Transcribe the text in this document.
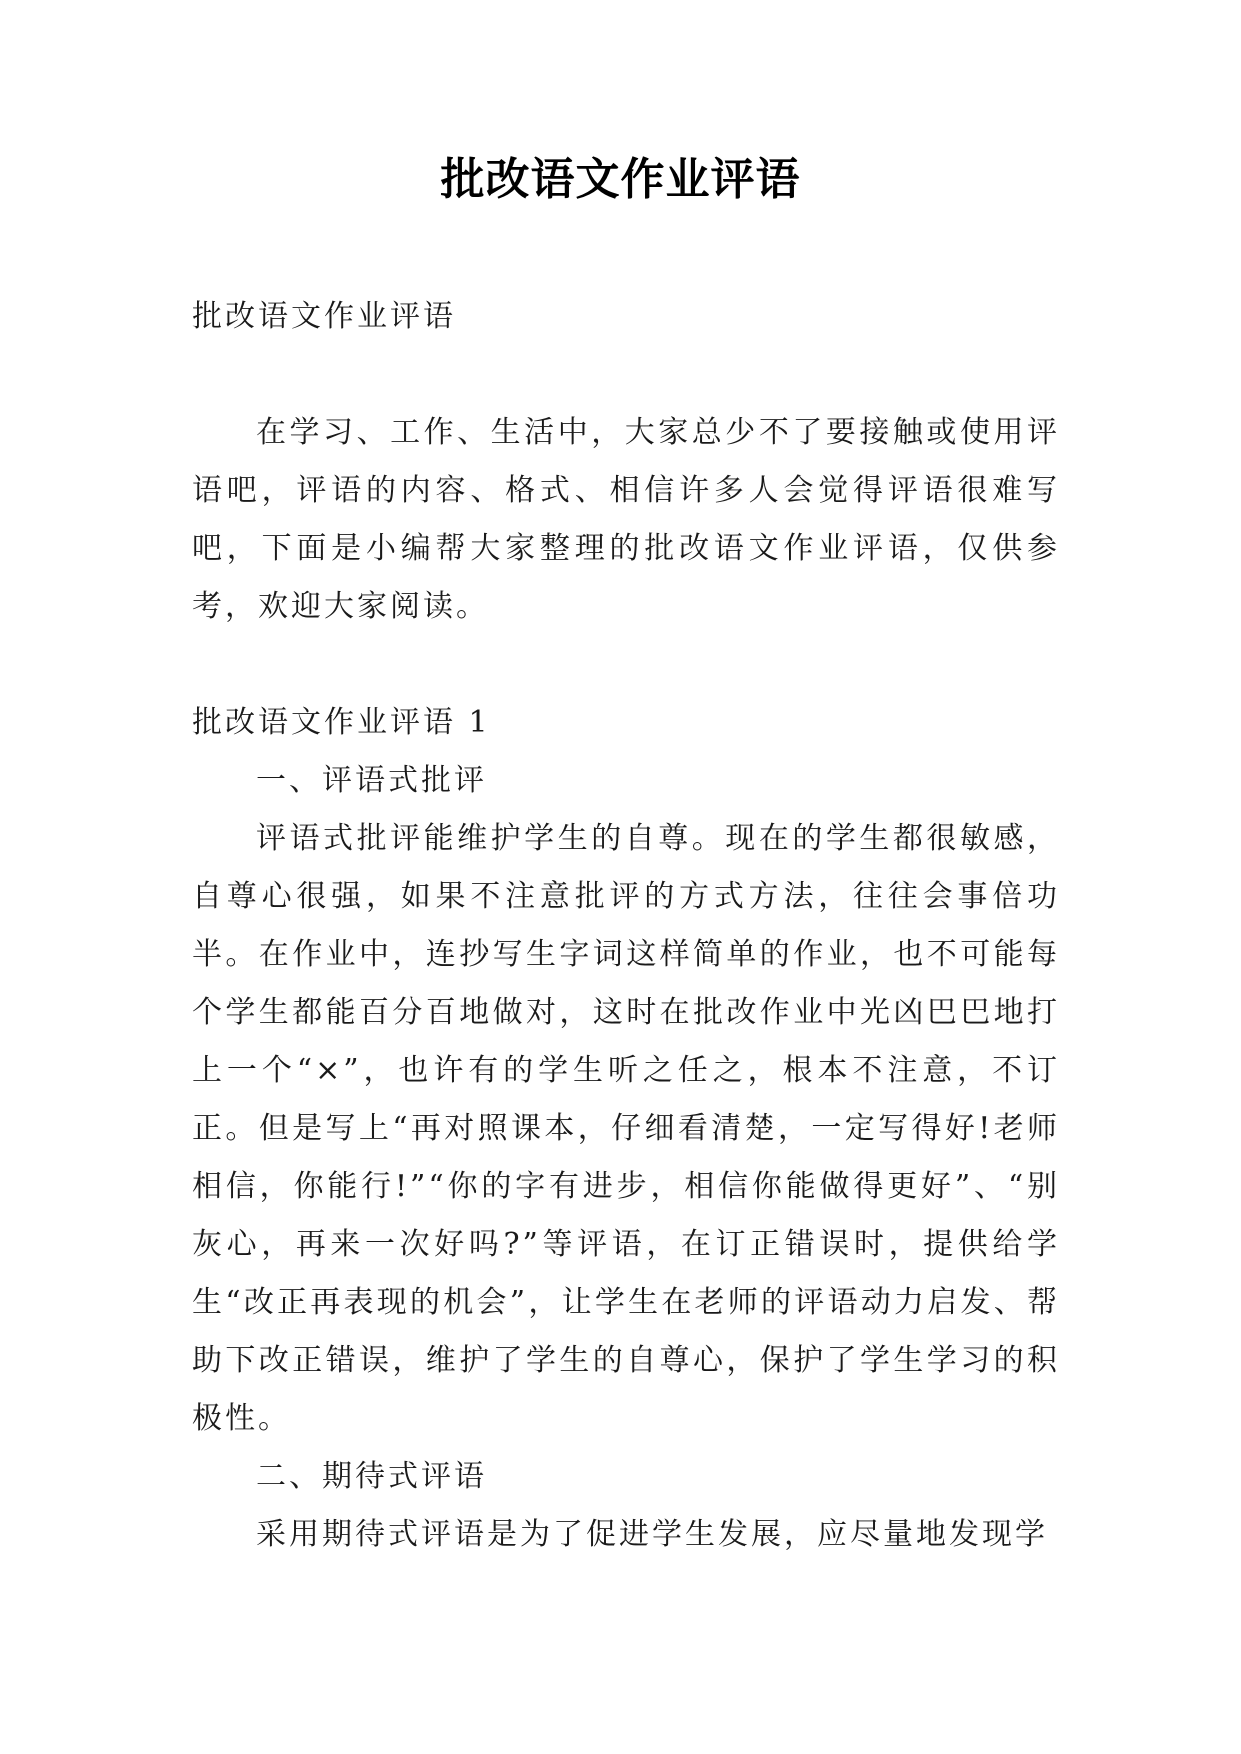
批改语文作业评语
批改语文作业评语
在学习、工作、生活中，大家总少不了要接触或使用评语吧，评语的内容、格式、相信许多人会觉得评语很难写吧，下面是小编帮大家整理的批改语文作业评语，仅供参考，欢迎大家阅读。
批改语文作业评语 1
一、评语式批评
评语式批评能维护学生的自尊。现在的学生都很敏感，自尊心很强，如果不注意批评的方式方法，往往会事倍功半。在作业中，连抄写生字词这样简单的作业，也不可能每个学生都能百分百地做对，这时在批改作业中光凶巴巴地打上一个“×”，也许有的学生听之任之，根本不注意，不订正。但是写上“再对照课本，仔细看清楚，一定写得好!老师相信，你能行!”“你的字有进步，相信你能做得更好”、“别灰心，再来一次好吗?”等评语，在订正错误时，提供给学生“改正再表现的机会”，让学生在老师的评语动力启发、帮助下改正错误，维护了学生的自尊心，保护了学生学习的积极性。
二、期待式评语
采用期待式评语是为了促进学生发展，应尽量地发现学
